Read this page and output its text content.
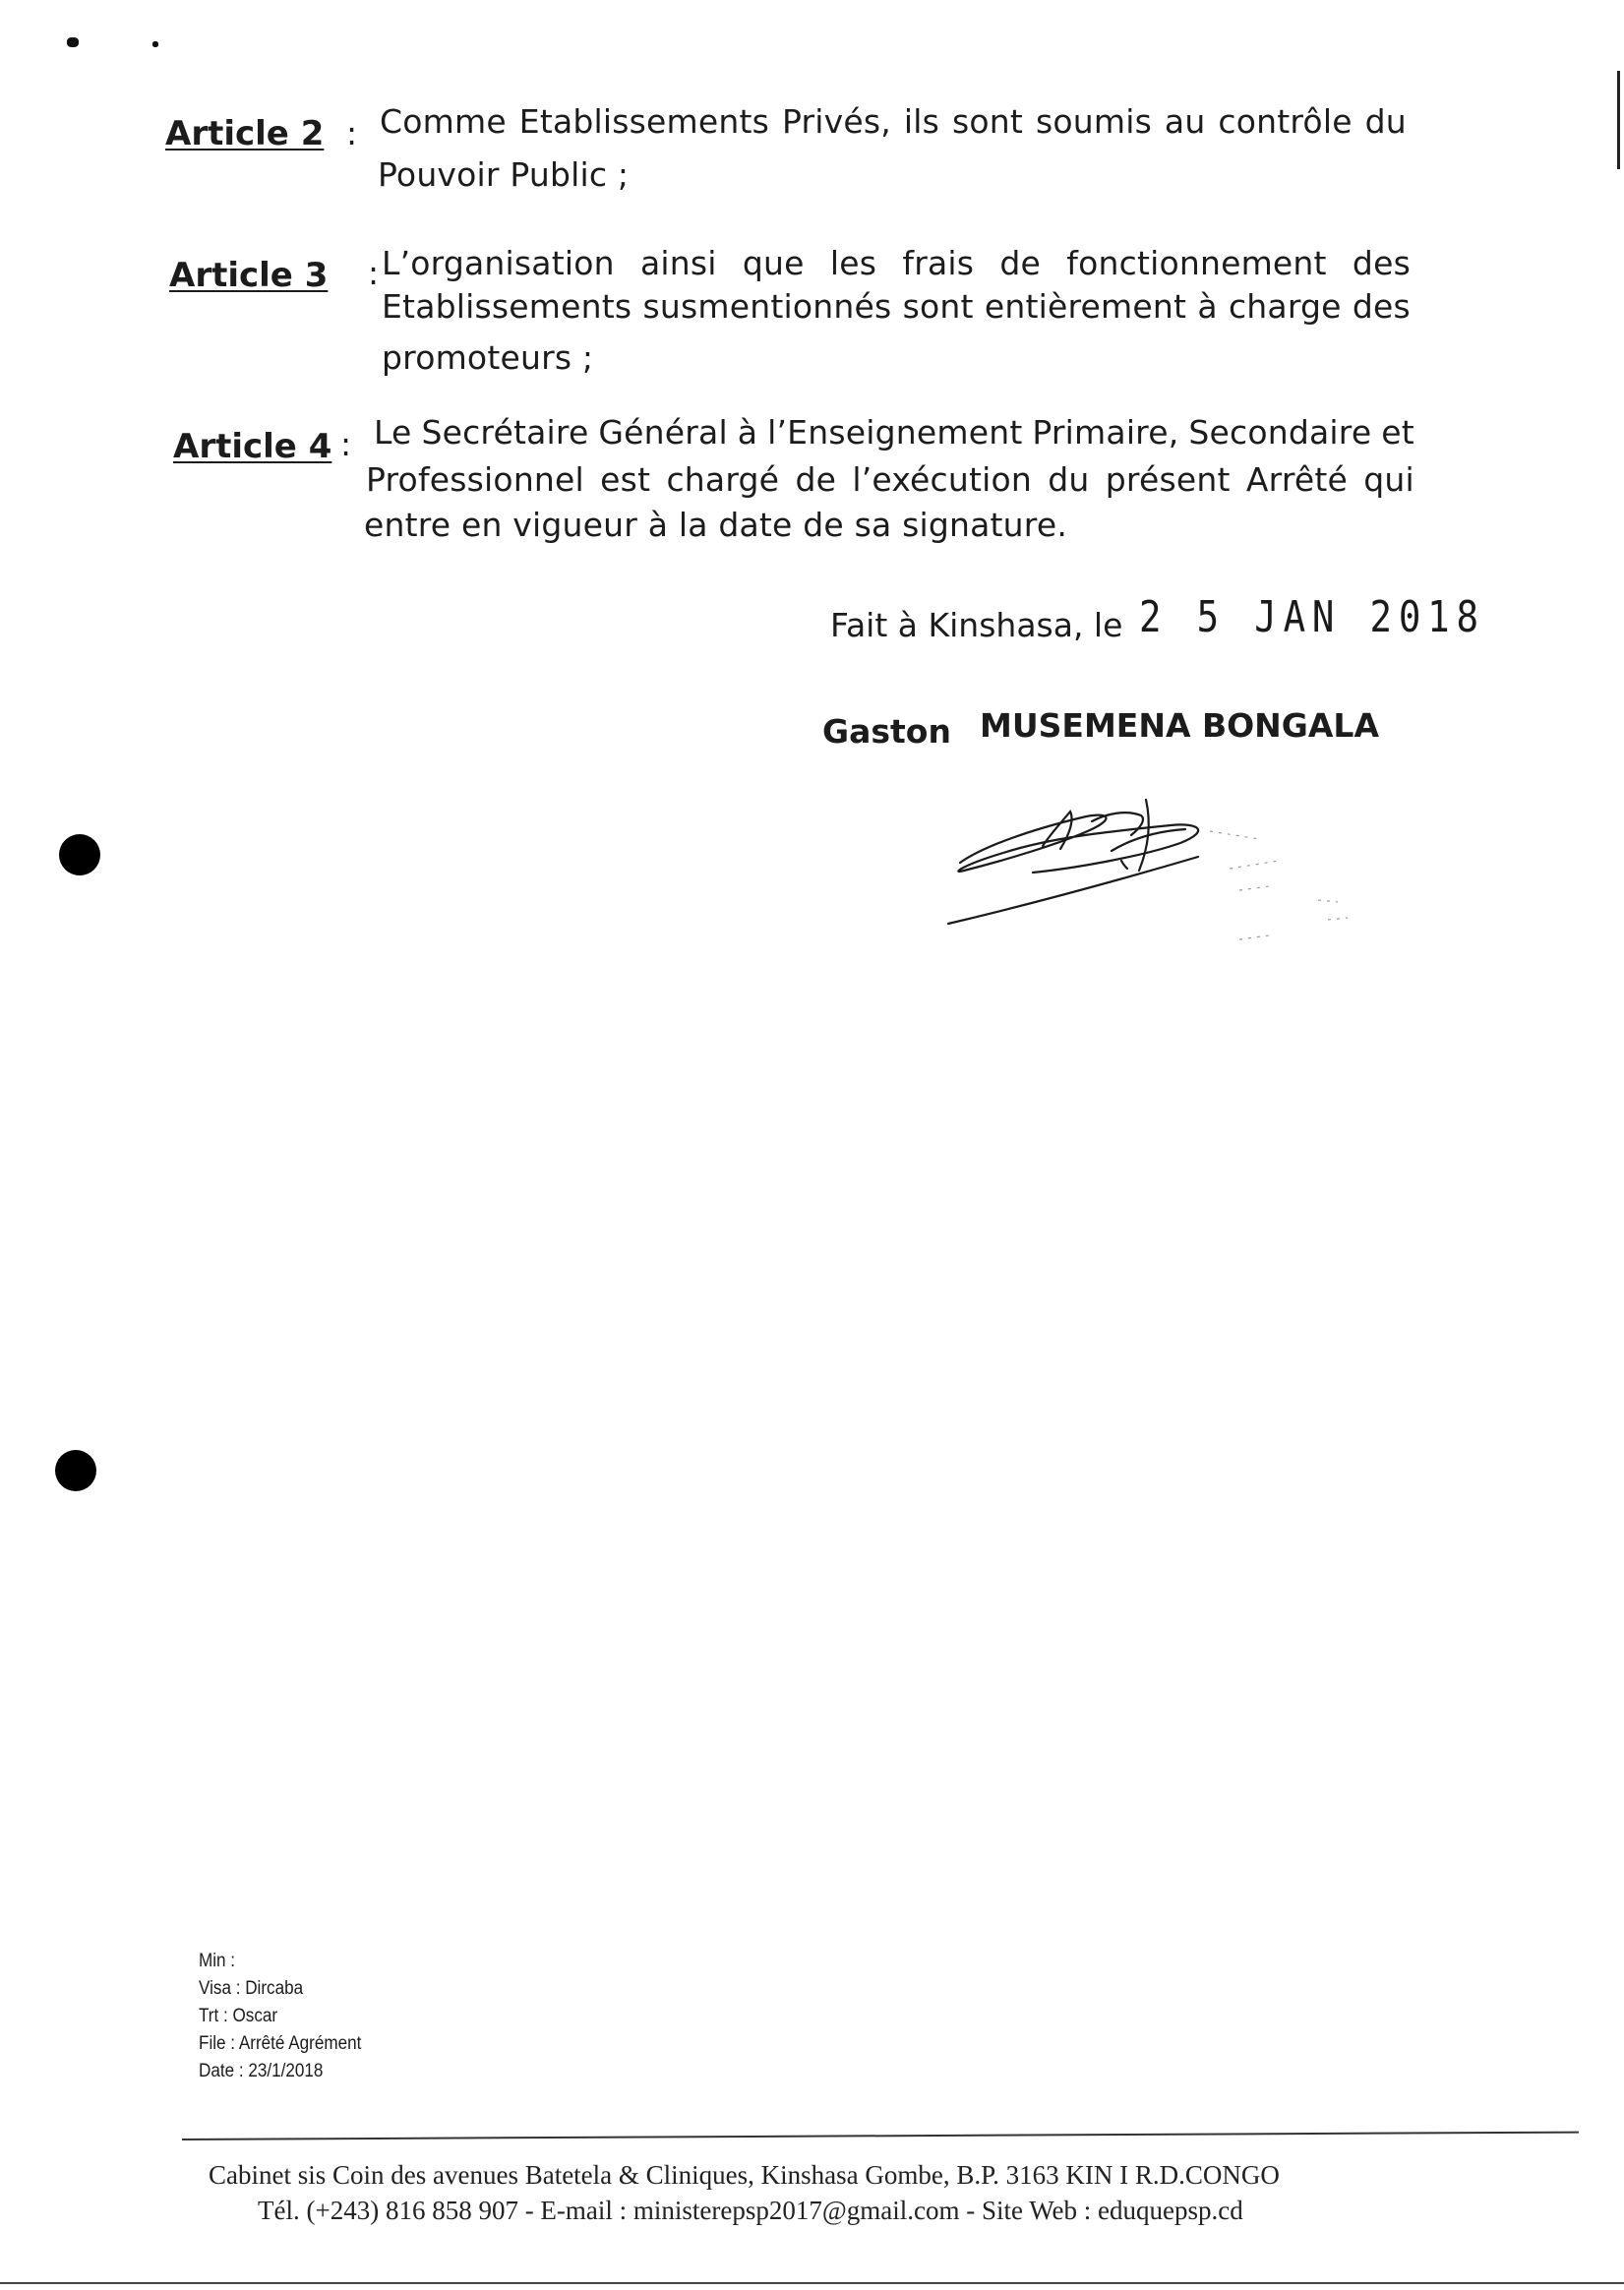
Article 2 : Comme Etablissements Privés, ils sont soumis au contrôle du
Pouvoir Public ;
Article 3 : L’organisation ainsi que les frais de fonctionnement des
Etablissements susmentionnés sont entièrement à charge des
promoteurs ;
Article 4 : Le Secrétaire Général à l’Enseignement Primaire, Secondaire et
Professionnel est chargé de l’exécution du présent Arrêté qui
entre en vigueur à la date de sa signature.
Fait à Kinshasa, le 2 5 JAN 2018
Gaston MUSEMENA BONGALA
Min :
Visa : Dircaba
Trt : Oscar
File : Arrêté Agrément
Date : 23/1/2018
Cabinet sis Coin des avenues Batetela & Cliniques, Kinshasa Gombe, B.P. 3163 KIN I R.D.CONGO
Tél. (+243) 816 858 907 - E-mail : ministerepsp2017@gmail.com - Site Web : eduquepsp.cd
